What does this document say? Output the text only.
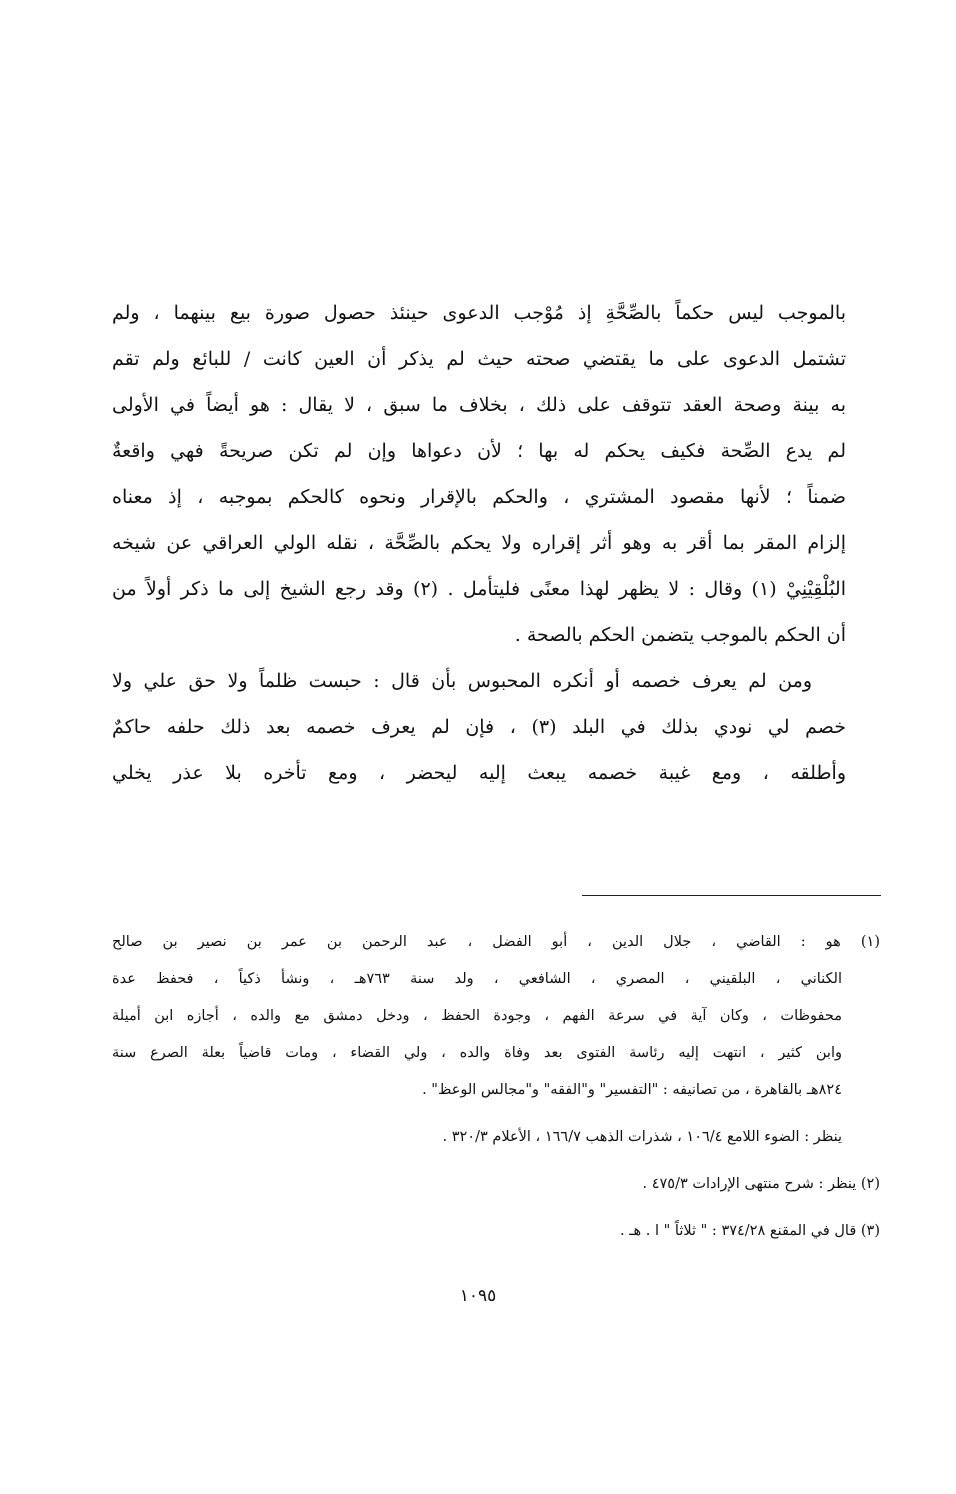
بالموجب ليس حكماً بالصِّحَّةِ إذ مُوْجب الدعوى حينئذ حصول صورة بيع بينهما ، ولم
تشتمل الدعوى على ما يقتضي صحته حيث لم يذكر أن العين كانت / للبائع ولم تقم
به بينة وصحة العقد تتوقف على ذلك ، بخلاف ما سبق ، لا يقال : هو أيضاً في الأولى
لم يدع الصِّحة فكيف يحكم له بها ؛ لأن دعواها وإن لم تكن صريحةً فهي واقعةٌ
ضمناً ؛ لأنها مقصود المشتري ، والحكم بالإقرار ونحوه كالحكم بموجبه ، إذ معناه
إلزام المقر بما أقر به وهو أثر إقراره ولا يحكم بالصِّحَّة ، نقله الولي العراقي عن شيخه
البُلْقِيْنِيْ (١) وقال : لا يظهر لهذا معنًى فليتأمل . (٢) وقد رجع الشيخ إلى ما ذكر أولاً من
أن الحكم بالموجب يتضمن الحكم بالصحة .
ومن لم يعرف خصمه أو أنكره المحبوس بأن قال : حبست ظلماً ولا حق علي ولا
خصم لي نودي بذلك في البلد (٣) ، فإن لم يعرف خصمه بعد ذلك حلفه حاكمٌ
وأطلقه ، ومع غيبة خصمه يبعث إليه ليحضر ، ومع تأخره بلا عذر يخلي
(١) هو : القاضي ، جلال الدين ، أبو الفضل ، عبد الرحمن بن عمر بن نصير بن صالح
الكناني ، البلقيني ، المصري ، الشافعي ، ولد سنة ٧٦٣هـ ، ونشأ ذكياً ، فحفظ عدة
محفوظات ، وكان آية في سرعة الفهم ، وجودة الحفظ ، ودخل دمشق مع والده ، أجازه ابن أميلة
وابن كثير ، انتهت إليه رئاسة الفتوى بعد وفاة والده ، ولي القضاء ، ومات قاضياً بعلة الصرع سنة
٨٢٤هـ بالقاهرة ، من تصانيفه : "التفسير" و"الفقه" و"مجالس الوعظ" .
ينظر : الضوء اللامع ١٠٦/٤ ، شذرات الذهب ١٦٦/٧ ، الأعلام ٣٢٠/٣ .
(٢) ينظر : شرح منتهى الإرادات ٤٧٥/٣ .
(٣) قال في المقنع ٣٧٤/٢٨ : " ثلاثاً " ا . هـ .
١٠٩٥
